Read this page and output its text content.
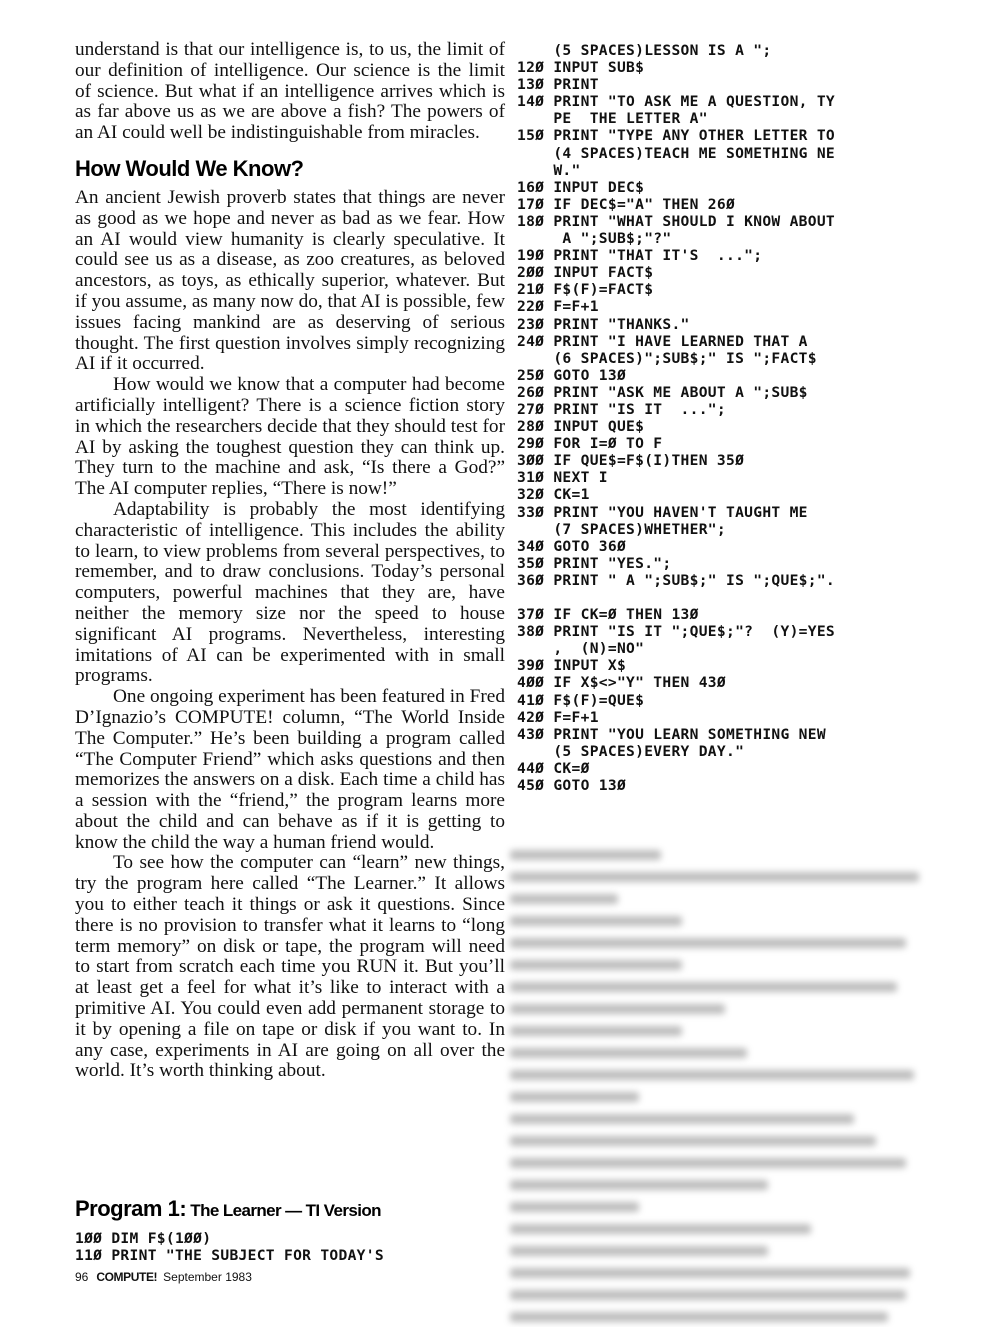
understand is that our intelligence is, to us, the limit of our definition of intelligence. Our science is the limit of science. But what if an intelligence arrives which is as far above us as we are above a fish? The powers of an AI could well be indistinguishable from miracles.

How Would We Know?

An ancient Jewish proverb states that things are never as good as we hope and never as bad as we fear. How an AI would view humanity is clearly speculative. It could see us as a disease, as zoo creatures, as beloved ancestors, as toys, as ethically superior, whatever. But if you assume, as many now do, that AI is possible, few issues facing mankind are as deserving of serious thought. The first question involves simply recognizing AI if it occurred.

How would we know that a computer had become artificially intelligent? There is a science fiction story in which the researchers decide that they should test for AI by asking the toughest question they can think up. They turn to the machine and ask, “Is there a God?” The AI computer replies, “There is now!”

Adaptability is probably the most identifying characteristic of intelligence. This includes the ability to learn, to view problems from several perspectives, to remember, and to draw conclusions. Today’s personal computers, powerful machines that they are, have neither the memory size nor the speed to house significant AI programs. Nevertheless, interesting imitations of AI can be experimented with in small programs.

One ongoing experiment has been featured in Fred D’Ignazio’s COMPUTE! column, “The World Inside The Computer.” He’s been building a program called “The Computer Friend” which asks questions and then memorizes the answers on a disk. Each time a child has a session with the “friend,” the program learns more about the child and can behave as if it is getting to know the child the way a human friend would.

To see how the computer can “learn” new things, try the program here called “The Learner.” It allows you to either teach it things or ask it questions. Since there is no provision to transfer what it learns to “long term memory” on disk or tape, the program will need to start from scratch each time you RUN it. But you’ll at least get a feel for what it’s like to interact with a primitive AI. You could even add permanent storage to it by opening a file on tape or disk if you want to. In any case, experiments in AI are going on all over the world. It’s worth thinking about.

Program 1: The Learner — TI Version
1ØØ DIM F$(1ØØ)
11Ø PRINT "THE SUBJECT FOR TODAY'S
(5 SPACES)LESSON IS A ";
12Ø INPUT SUB$
13Ø PRINT
14Ø PRINT "TO ASK ME A QUESTION, TY
PE  THE LETTER A"
15Ø PRINT "TYPE ANY OTHER LETTER TO
(4 SPACES)TEACH ME SOMETHING NE
W."
16Ø INPUT DEC$
17Ø IF DEC$="A" THEN 26Ø
18Ø PRINT "WHAT SHOULD I KNOW ABOUT
A ";SUB$;"?"
19Ø PRINT "THAT IT'S  ...";
2ØØ INPUT FACT$
21Ø F$(F)=FACT$
22Ø F=F+1
23Ø PRINT "THANKS."
24Ø PRINT "I HAVE LEARNED THAT A
(6 SPACES)";SUB$;" IS ";FACT$
25Ø GOTO 13Ø
26Ø PRINT "ASK ME ABOUT A ";SUB$
27Ø PRINT "IS IT  ...";
28Ø INPUT QUE$
29Ø FOR I=Ø TO F
3ØØ IF QUE$=F$(I)THEN 35Ø
31Ø NEXT I
32Ø CK=1
33Ø PRINT "YOU HAVEN'T TAUGHT ME
(7 SPACES)WHETHER";
34Ø GOTO 36Ø
35Ø PRINT "YES.";
36Ø PRINT " A ";SUB$;" IS ";QUE$;".

37Ø IF CK=Ø THEN 13Ø
38Ø PRINT "IS IT ";QUE$;"?  (Y)=YES
,  (N)=NO"
39Ø INPUT X$
4ØØ IF X$<>"Y" THEN 43Ø
41Ø F$(F)=QUE$
42Ø F=F+1
43Ø PRINT "YOU LEARN SOMETHING NEW
(5 SPACES)EVERY DAY."
44Ø CK=Ø
45Ø GOTO 13Ø
96 COMPUTE! September 1983
